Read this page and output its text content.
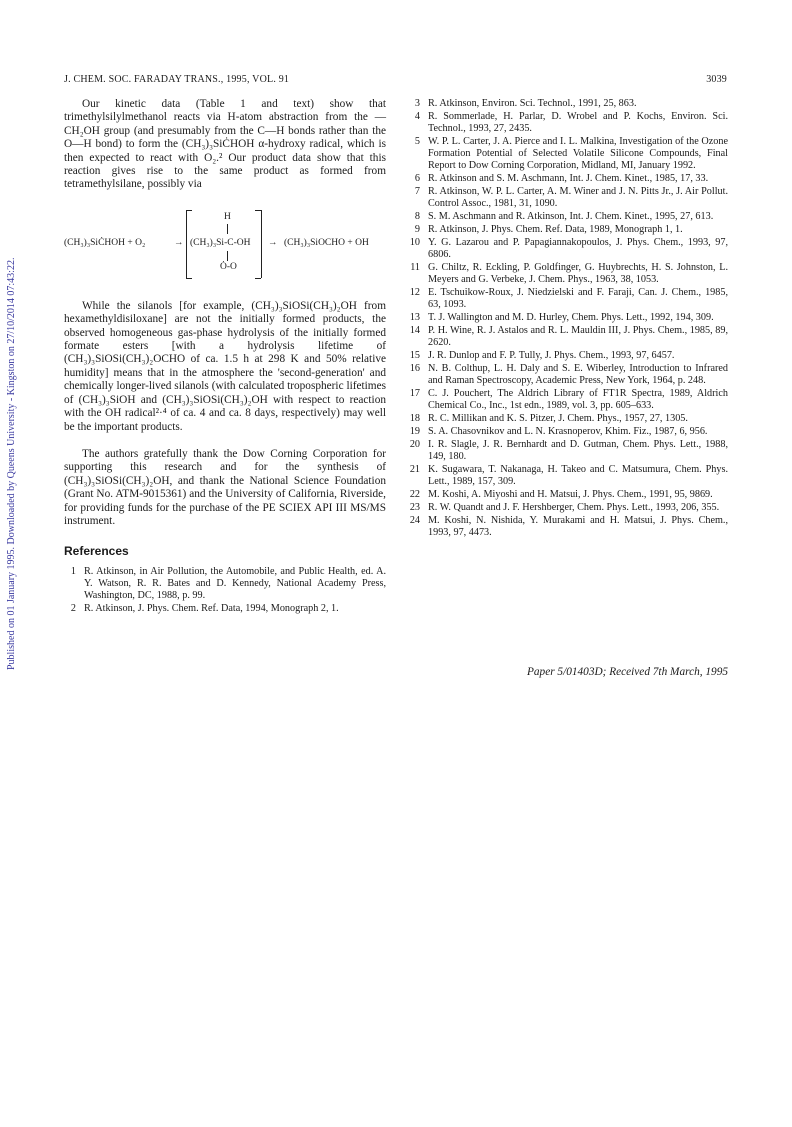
Published on 01 January 1995. Downloaded by Queens University - Kingston on 27/10/2014 07:43:22.
J. CHEM. SOC. FARADAY TRANS., 1995, VOL. 91	3039

Our kinetic data (Table 1 and text) show that trimethylsilylmethanol reacts via H-atom abstraction from the —CH₂OH group (and presumably from the C—H bonds rather than the O—H bond) to form the (CH₃)₃SiĊHOH α-hydroxy radical, which is then expected to react with O₂.² Our product data show that this reaction gives rise to the same product as formed from tetramethylsilane, possibly via

(CH₃)₃SiĊHOH + O₂	→
H
(CH₃)₃Si-C-OH
Ȯ-O
→ (CH₃)₃SiOCHO + OH

While the silanols [for example, (CH₃)₃SiOSi(CH₃)₂OH from hexamethyldisiloxane] are not the initially formed products, the observed homogeneous gas-phase hydrolysis of the initially formed formate esters [with a hydrolysis lifetime of (CH₃)₃SiOSi(CH₃)₂OCHO of ca. 1.5 h at 298 K and 50% relative humidity] means that in the atmosphere the 'second-generation' and chemically longer-lived silanols (with calculated tropospheric lifetimes of (CH₃)₃SiOH and (CH₃)₃SiOSi(CH₃)₂OH with respect to reaction with the OH radical²·⁴ of ca. 4 and ca. 8 days, respectively) may well be the important products.

The authors gratefully thank the Dow Corning Corporation for supporting this research and for the synthesis of (CH₃)₃SiOSi(CH₃)₂OH, and thank the National Science Foundation (Grant No. ATM-9015361) and the University of California, Riverside, for providing funds for the purchase of the PE SCIEX API III MS/MS instrument.

References
1 R. Atkinson, in Air Pollution, the Automobile, and Public Health, ed. A. Y. Watson, R. R. Bates and D. Kennedy, National Academy Press, Washington, DC, 1988, p. 99.
2 R. Atkinson, J. Phys. Chem. Ref. Data, 1994, Monograph 2, 1.
3 R. Atkinson, Environ. Sci. Technol., 1991, 25, 863.
4 R. Sommerlade, H. Parlar, D. Wrobel and P. Kochs, Environ. Sci. Technol., 1993, 27, 2435.
5 W. P. L. Carter, J. A. Pierce and I. L. Malkina, Investigation of the Ozone Formation Potential of Selected Volatile Silicone Compounds, Final Report to Dow Corning Corporation, Midland, MI, January 1992.
6 R. Atkinson and S. M. Aschmann, Int. J. Chem. Kinet., 1985, 17, 33.
7 R. Atkinson, W. P. L. Carter, A. M. Winer and J. N. Pitts Jr., J. Air Pollut. Control Assoc., 1981, 31, 1090.
8 S. M. Aschmann and R. Atkinson, Int. J. Chem. Kinet., 1995, 27, 613.
9 R. Atkinson, J. Phys. Chem. Ref. Data, 1989, Monograph 1, 1.
10 Y. G. Lazarou and P. Papagiannakopoulos, J. Phys. Chem., 1993, 97, 6806.
11 G. Chiltz, R. Eckling, P. Goldfinger, G. Huybrechts, H. S. Johnston, L. Meyers and G. Verbeke, J. Chem. Phys., 1963, 38, 1053.
12 E. Tschuikow-Roux, J. Niedzielski and F. Faraji, Can. J. Chem., 1985, 63, 1093.
13 T. J. Wallington and M. D. Hurley, Chem. Phys. Lett., 1992, 194, 309.
14 P. H. Wine, R. J. Astalos and R. L. Mauldin III, J. Phys. Chem., 1985, 89, 2620.
15 J. R. Dunlop and F. P. Tully, J. Phys. Chem., 1993, 97, 6457.
16 N. B. Colthup, L. H. Daly and S. E. Wiberley, Introduction to Infrared and Raman Spectroscopy, Academic Press, New York, 1964, p. 248.
17 C. J. Pouchert, The Aldrich Library of FT1R Spectra, 1989, Aldrich Chemical Co., Inc., 1st edn., 1989, vol. 3, pp. 605–633.
18 R. C. Millikan and K. S. Pitzer, J. Chem. Phys., 1957, 27, 1305.
19 S. A. Chasovnikov and L. N. Krasnoperov, Khim. Fiz., 1987, 6, 956.
20 I. R. Slagle, J. R. Bernhardt and D. Gutman, Chem. Phys. Lett., 1988, 149, 180.
21 K. Sugawara, T. Nakanaga, H. Takeo and C. Matsumura, Chem. Phys. Lett., 1989, 157, 309.
22 M. Koshi, A. Miyoshi and H. Matsui, J. Phys. Chem., 1991, 95, 9869.
23 R. W. Quandt and J. F. Hershberger, Chem. Phys. Lett., 1993, 206, 355.
24 M. Koshi, N. Nishida, Y. Murakami and H. Matsui, J. Phys. Chem., 1993, 97, 4473.
Paper 5/01403D; Received 7th March, 1995
